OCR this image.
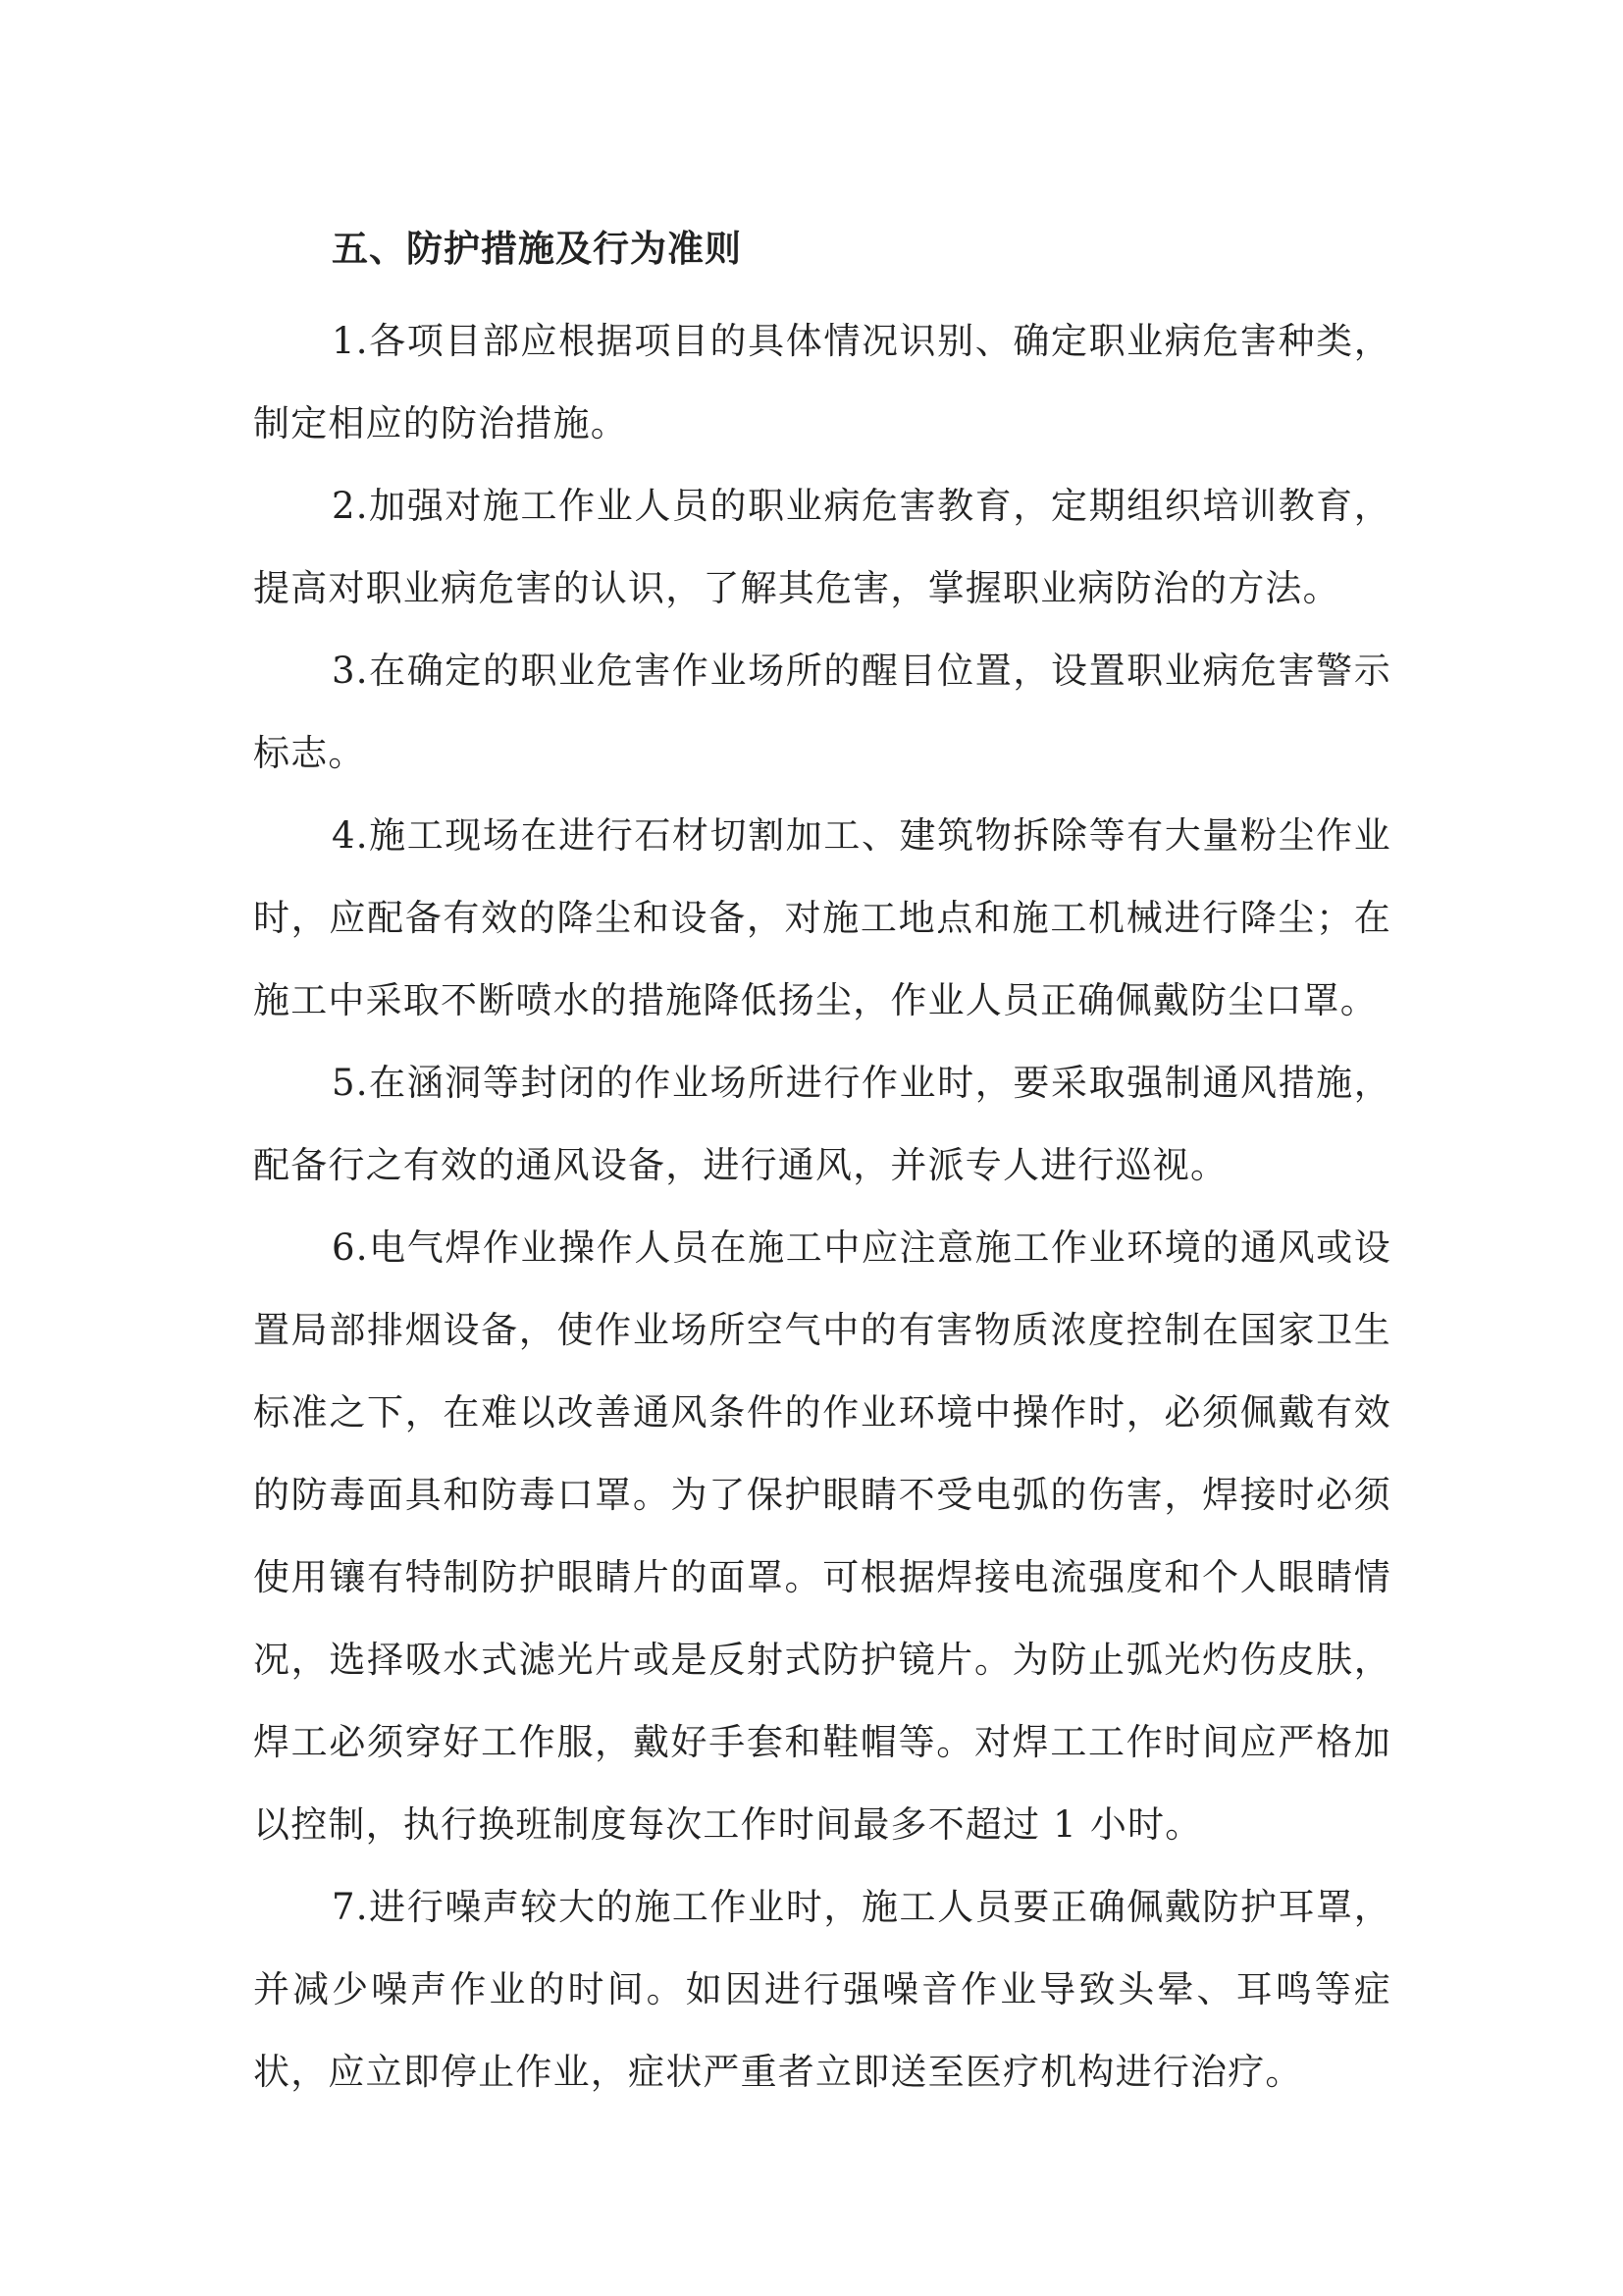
五、防护措施及行为准则

1.各项目部应根据项目的具体情况识别、确定职业病危害种类，制定相应的防治措施。

2.加强对施工作业人员的职业病危害教育，定期组织培训教育，提高对职业病危害的认识，了解其危害，掌握职业病防治的方法。

3.在确定的职业危害作业场所的醒目位置，设置职业病危害警示标志。

4.施工现场在进行石材切割加工、建筑物拆除等有大量粉尘作业时，应配备有效的降尘和设备，对施工地点和施工机械进行降尘；在施工中采取不断喷水的措施降低扬尘，作业人员正确佩戴防尘口罩。

5.在涵洞等封闭的作业场所进行作业时，要采取强制通风措施，配备行之有效的通风设备，进行通风，并派专人进行巡视。

6.电气焊作业操作人员在施工中应注意施工作业环境的通风或设置局部排烟设备，使作业场所空气中的有害物质浓度控制在国家卫生标准之下，在难以改善通风条件的作业环境中操作时，必须佩戴有效的防毒面具和防毒口罩。为了保护眼睛不受电弧的伤害，焊接时必须使用镶有特制防护眼睛片的面罩。可根据焊接电流强度和个人眼睛情况，选择吸水式滤光片或是反射式防护镜片。为防止弧光灼伤皮肤，焊工必须穿好工作服，戴好手套和鞋帽等。对焊工工作时间应严格加以控制，执行换班制度每次工作时间最多不超过 1 小时。

7.进行噪声较大的施工作业时，施工人员要正确佩戴防护耳罩，并减少噪声作业的时间。如因进行强噪音作业导致头晕、耳鸣等症状，应立即停止作业，症状严重者立即送至医疗机构进行治疗。
